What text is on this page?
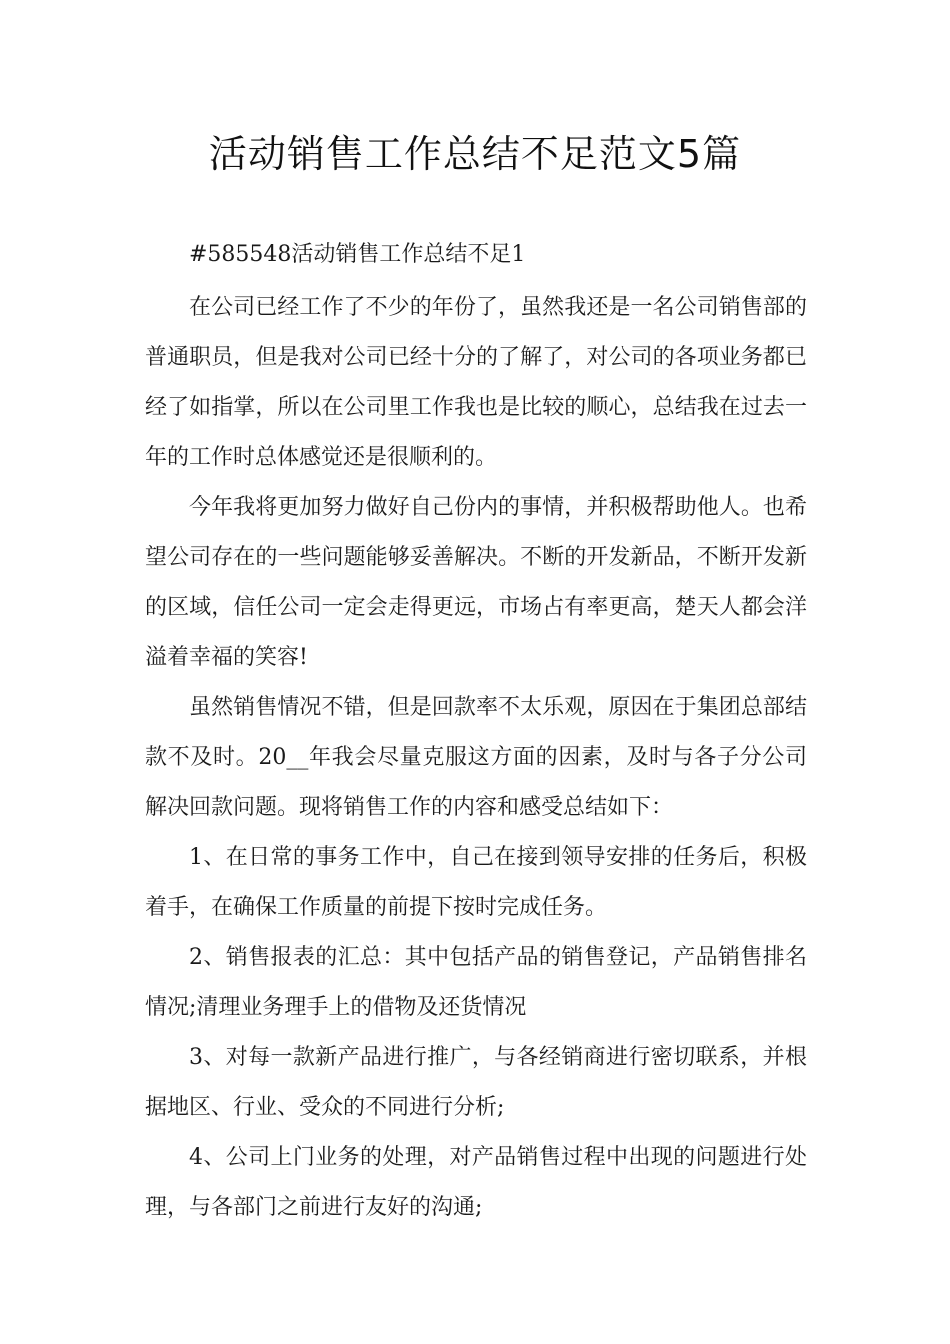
活动销售工作总结不足范文5篇

#585548活动销售工作总结不足1

在公司已经工作了不少的年份了，虽然我还是一名公司销售部的普通职员，但是我对公司已经十分的了解了，对公司的各项业务都已经了如指掌，所以在公司里工作我也是比较的顺心，总结我在过去一年的工作时总体感觉还是很顺利的。

今年我将更加努力做好自己份内的事情，并积极帮助他人。也希望公司存在的一些问题能够妥善解决。不断的开发新品，不断开发新的区域，信任公司一定会走得更远，市场占有率更高，楚天人都会洋溢着幸福的笑容!

虽然销售情况不错，但是回款率不太乐观，原因在于集团总部结款不及时。20__年我会尽量克服这方面的因素，及时与各子分公司解决回款问题。现将销售工作的内容和感受总结如下：

1、在日常的事务工作中，自己在接到领导安排的任务后，积极着手，在确保工作质量的前提下按时完成任务。

2、销售报表的汇总：其中包括产品的销售登记，产品销售排名情况;清理业务理手上的借物及还货情况

3、对每一款新产品进行推广，与各经销商进行密切联系，并根据地区、行业、受众的不同进行分析;

4、公司上门业务的处理，对产品销售过程中出现的问题进行处理，与各部门之前进行友好的沟通;
